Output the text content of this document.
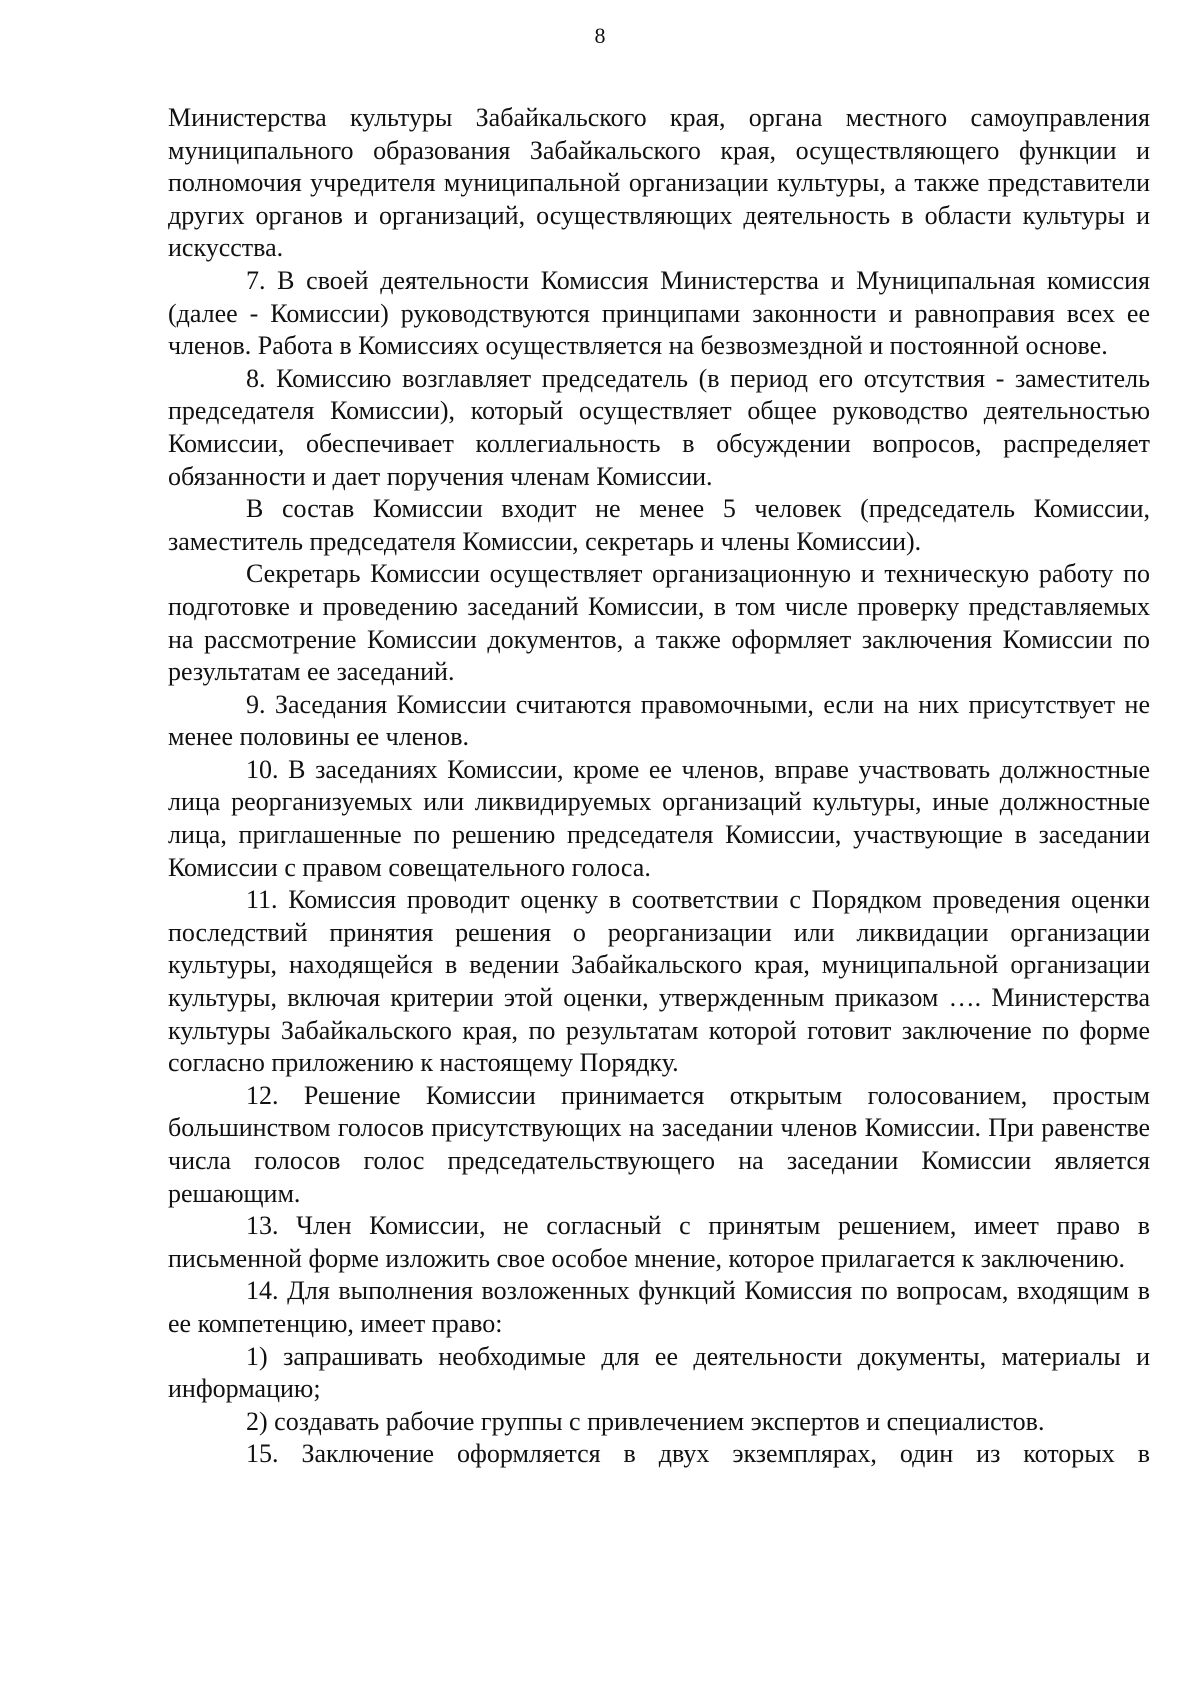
8

Министерства культуры Забайкальского края, органа местного самоуправления муниципального образования Забайкальского края, осуществляющего функции и полномочия учредителя муниципальной организации культуры, а также представители других органов и организаций, осуществляющих деятельность в области культуры и искусства.

7. В своей деятельности Комиссия Министерства и Муниципальная комиссия (далее - Комиссии) руководствуются принципами законности и равноправия всех ее членов. Работа в Комиссиях осуществляется на безвозмездной и постоянной основе.

8. Комиссию возглавляет председатель (в период его отсутствия - заместитель председателя Комиссии), который осуществляет общее руководство деятельностью Комиссии, обеспечивает коллегиальность в обсуждении вопросов, распределяет обязанности и дает поручения членам Комиссии.

В состав Комиссии входит не менее 5 человек (председатель Комиссии, заместитель председателя Комиссии, секретарь и члены Комиссии).

Секретарь Комиссии осуществляет организационную и техническую работу по подготовке и проведению заседаний Комиссии, в том числе проверку представляемых на рассмотрение Комиссии документов, а также оформляет заключения Комиссии по результатам ее заседаний.

9. Заседания Комиссии считаются правомочными, если на них присутствует не менее половины ее членов.

10. В заседаниях Комиссии, кроме ее членов, вправе участвовать должностные лица реорганизуемых или ликвидируемых организаций культуры, иные должностные лица, приглашенные по решению председателя Комиссии, участвующие в заседании Комиссии с правом совещательного голоса.

11. Комиссия проводит оценку в соответствии с Порядком проведения оценки последствий принятия решения о реорганизации или ликвидации организации культуры, находящейся в ведении Забайкальского края, муниципальной организации культуры, включая критерии этой оценки, утвержденным приказом …. Министерства культуры Забайкальского края, по результатам которой готовит заключение по форме согласно приложению к настоящему Порядку.

12. Решение Комиссии принимается открытым голосованием, простым большинством голосов присутствующих на заседании членов Комиссии. При равенстве числа голосов голос председательствующего на заседании Комиссии является решающим.

13. Член Комиссии, не согласный с принятым решением, имеет право в письменной форме изложить свое особое мнение, которое прилагается к заключению.

14. Для выполнения возложенных функций Комиссия по вопросам, входящим в ее компетенцию, имеет право:

1) запрашивать необходимые для ее деятельности документы, материалы и информацию;

2) создавать рабочие группы с привлечением экспертов и специалистов.

15. Заключение оформляется в двух экземплярах, один из которых в
